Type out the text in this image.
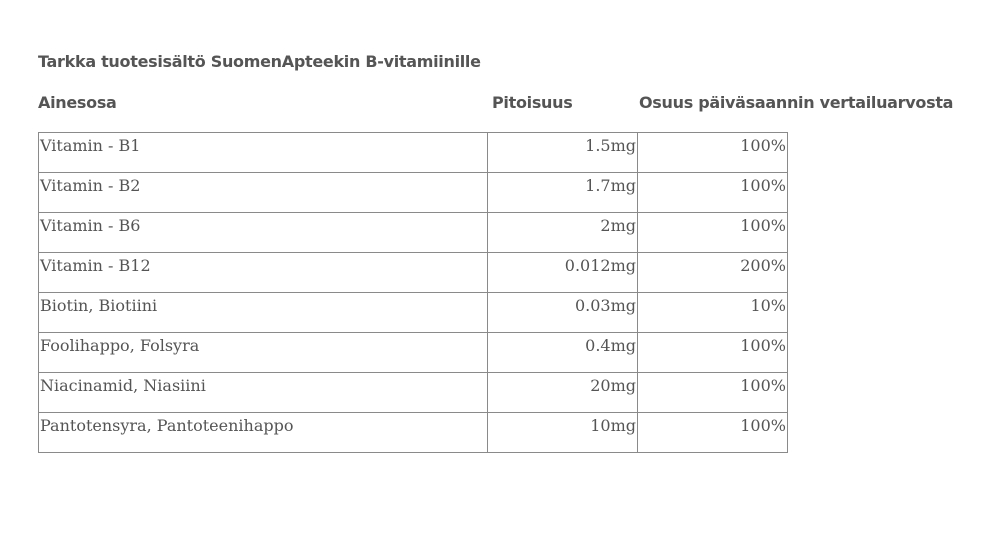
Tarkka tuotesisältö SuomenApteekin B-vitamiinille
Ainesosa	Pitoisuus	Osuus päiväsaannin vertailuarvosta
Vitamin - B1	1.5mg	100%
Vitamin - B2	1.7mg	100%
Vitamin - B6	2mg	100%
Vitamin - B12	0.012mg	200%
Biotin, Biotiini	0.03mg	10%
Foolihappo, Folsyra	0.4mg	100%
Niacinamid, Niasiini	20mg	100%
Pantotensyra, Pantoteenihappo	10mg	100%
